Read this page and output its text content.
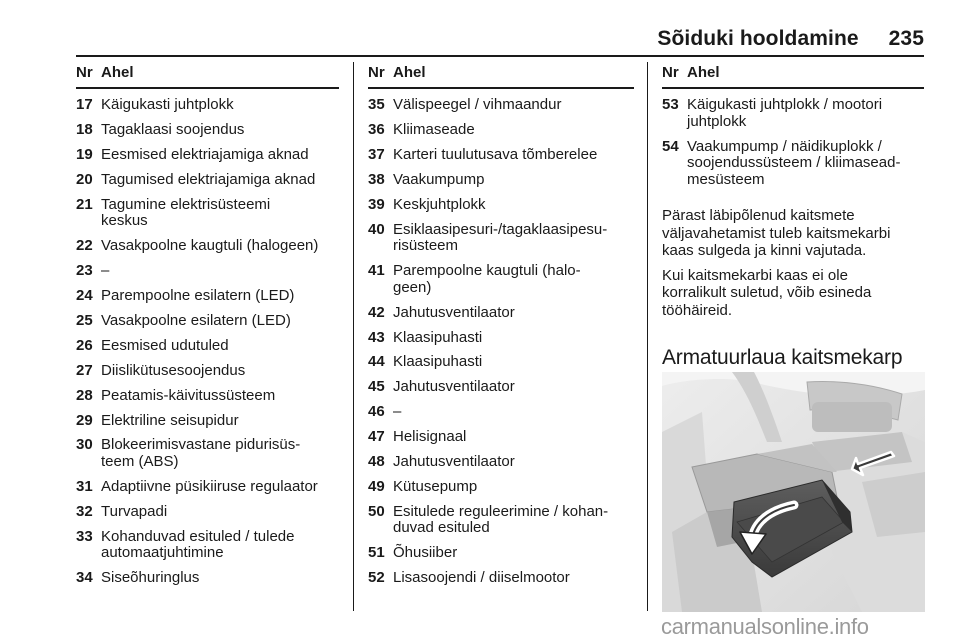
Sõiduki hooldamine 235
Nr Ahel
17 Käigukasti juhtplokk
18 Tagaklaasi soojendus
19 Eesmised elektriajamiga aknad
20 Tagumised elektriajamiga aknad
21 Tagumine elektrisüsteemi keskus
22 Vasakpoolne kaugtuli (halogeen)
23 –
24 Parempoolne esilatern (LED)
25 Vasakpoolne esilatern (LED)
26 Eesmised udutuled
27 Diislikütusesoojendus
28 Peatamis-käivitussüsteem
29 Elektriline seisupidur
30 Blokeerimisvastane pidurisüs-teem (ABS)
31 Adaptiivne püsikiiruse regulaator
32 Turvapadi
33 Kohanduvad esituled / tulede automaatjuhtimine
34 Siseõhuringlus
Nr Ahel
35 Välispeegel / vihmaandur
36 Kliimaseade
37 Karteri tuulutusava tõmberelee
38 Vaakumpump
39 Keskjuhtplokk
40 Esiklaasipesuri-/tagaklaasipesu-risüsteem
41 Parempoolne kaugtuli (halo-geen)
42 Jahutusventilaator
43 Klaasipuhasti
44 Klaasipuhasti
45 Jahutusventilaator
46 –
47 Helisignaal
48 Jahutusventilaator
49 Kütusepump
50 Esitulede reguleerimine / kohan-duvad esituled
51 Õhusiiber
52 Lisasoojendi / diiselmootor
Nr Ahel
53 Käigukasti juhtplokk / mootori juhtplokk
54 Vaakumpump / näidikuplokk / soojendussüsteem / kliimasead-mesüsteem

Pärast läbipõlenud kaitsmete väljavahetamist tuleb kaitsmekarbi kaas sulgeda ja kinni vajutada.

Kui kaitsmekarbi kaas ei ole korralikult suletud, võib esineda tööhäireid.

Armatuurlaua kaitsmekarp
carmanualsonline.info
